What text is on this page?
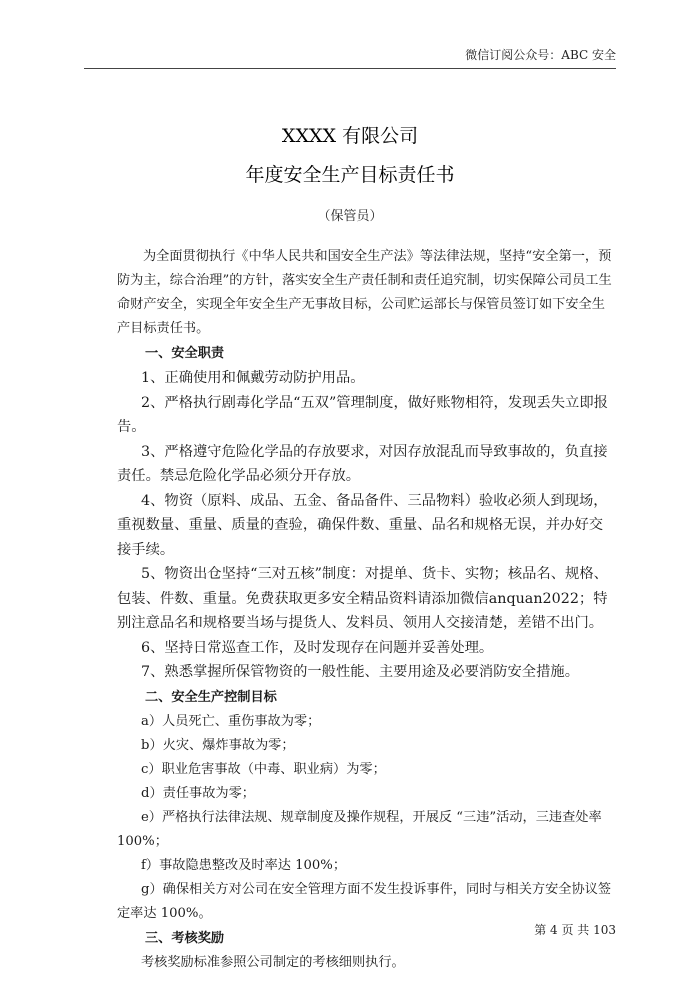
微信订阅公众号：ABC 安全
XXXX 有限公司
年度安全生产目标责任书
（保管员）

为全面贯彻执行《中华人民共和国安全生产法》等法律法规，坚持“安全第一，预防为主，综合治理”的方针，落实安全生产责任制和责任追究制，切实保障公司员工生命财产安全，实现全年安全生产无事故目标，公司贮运部长与保管员签订如下安全生产目标责任书。

一、安全职责

1、正确使用和佩戴劳动防护用品。

2、严格执行剧毒化学品“五双”管理制度，做好账物相符，发现丢失立即报告。

3、严格遵守危险化学品的存放要求，对因存放混乱而导致事故的，负直接责任。禁忌危险化学品必须分开存放。

4、物资（原料、成品、五金、备品备件、三品物料）验收必须人到现场，重视数量、重量、质量的查验，确保件数、重量、品名和规格无误，并办好交接手续。

5、物资出仓坚持“三对五核”制度：对提单、货卡、实物；核品名、规格、包装、件数、重量。免费获取更多安全精品资料请添加微信anquan2022；特别注意品名和规格要当场与提货人、发料员、领用人交接清楚，差错不出门。

6、坚持日常巡查工作，及时发现存在问题并妥善处理。

7、熟悉掌握所保管物资的一般性能、主要用途及必要消防安全措施。

二、安全生产控制目标

a）人员死亡、重伤事故为零；

b）火灾、爆炸事故为零；

c）职业危害事故（中毒、职业病）为零；

d）责任事故为零；

e）严格执行法律法规、规章制度及操作规程，开展反 “三违”活动，三违查处率100%；

f）事故隐患整改及时率达 100%；

g）确保相关方对公司在安全管理方面不发生投诉事件，同时与相关方安全协议签定率达 100%。

三、考核奖励

考核奖励标准参照公司制定的考核细则执行。

第 4 页 共 103
